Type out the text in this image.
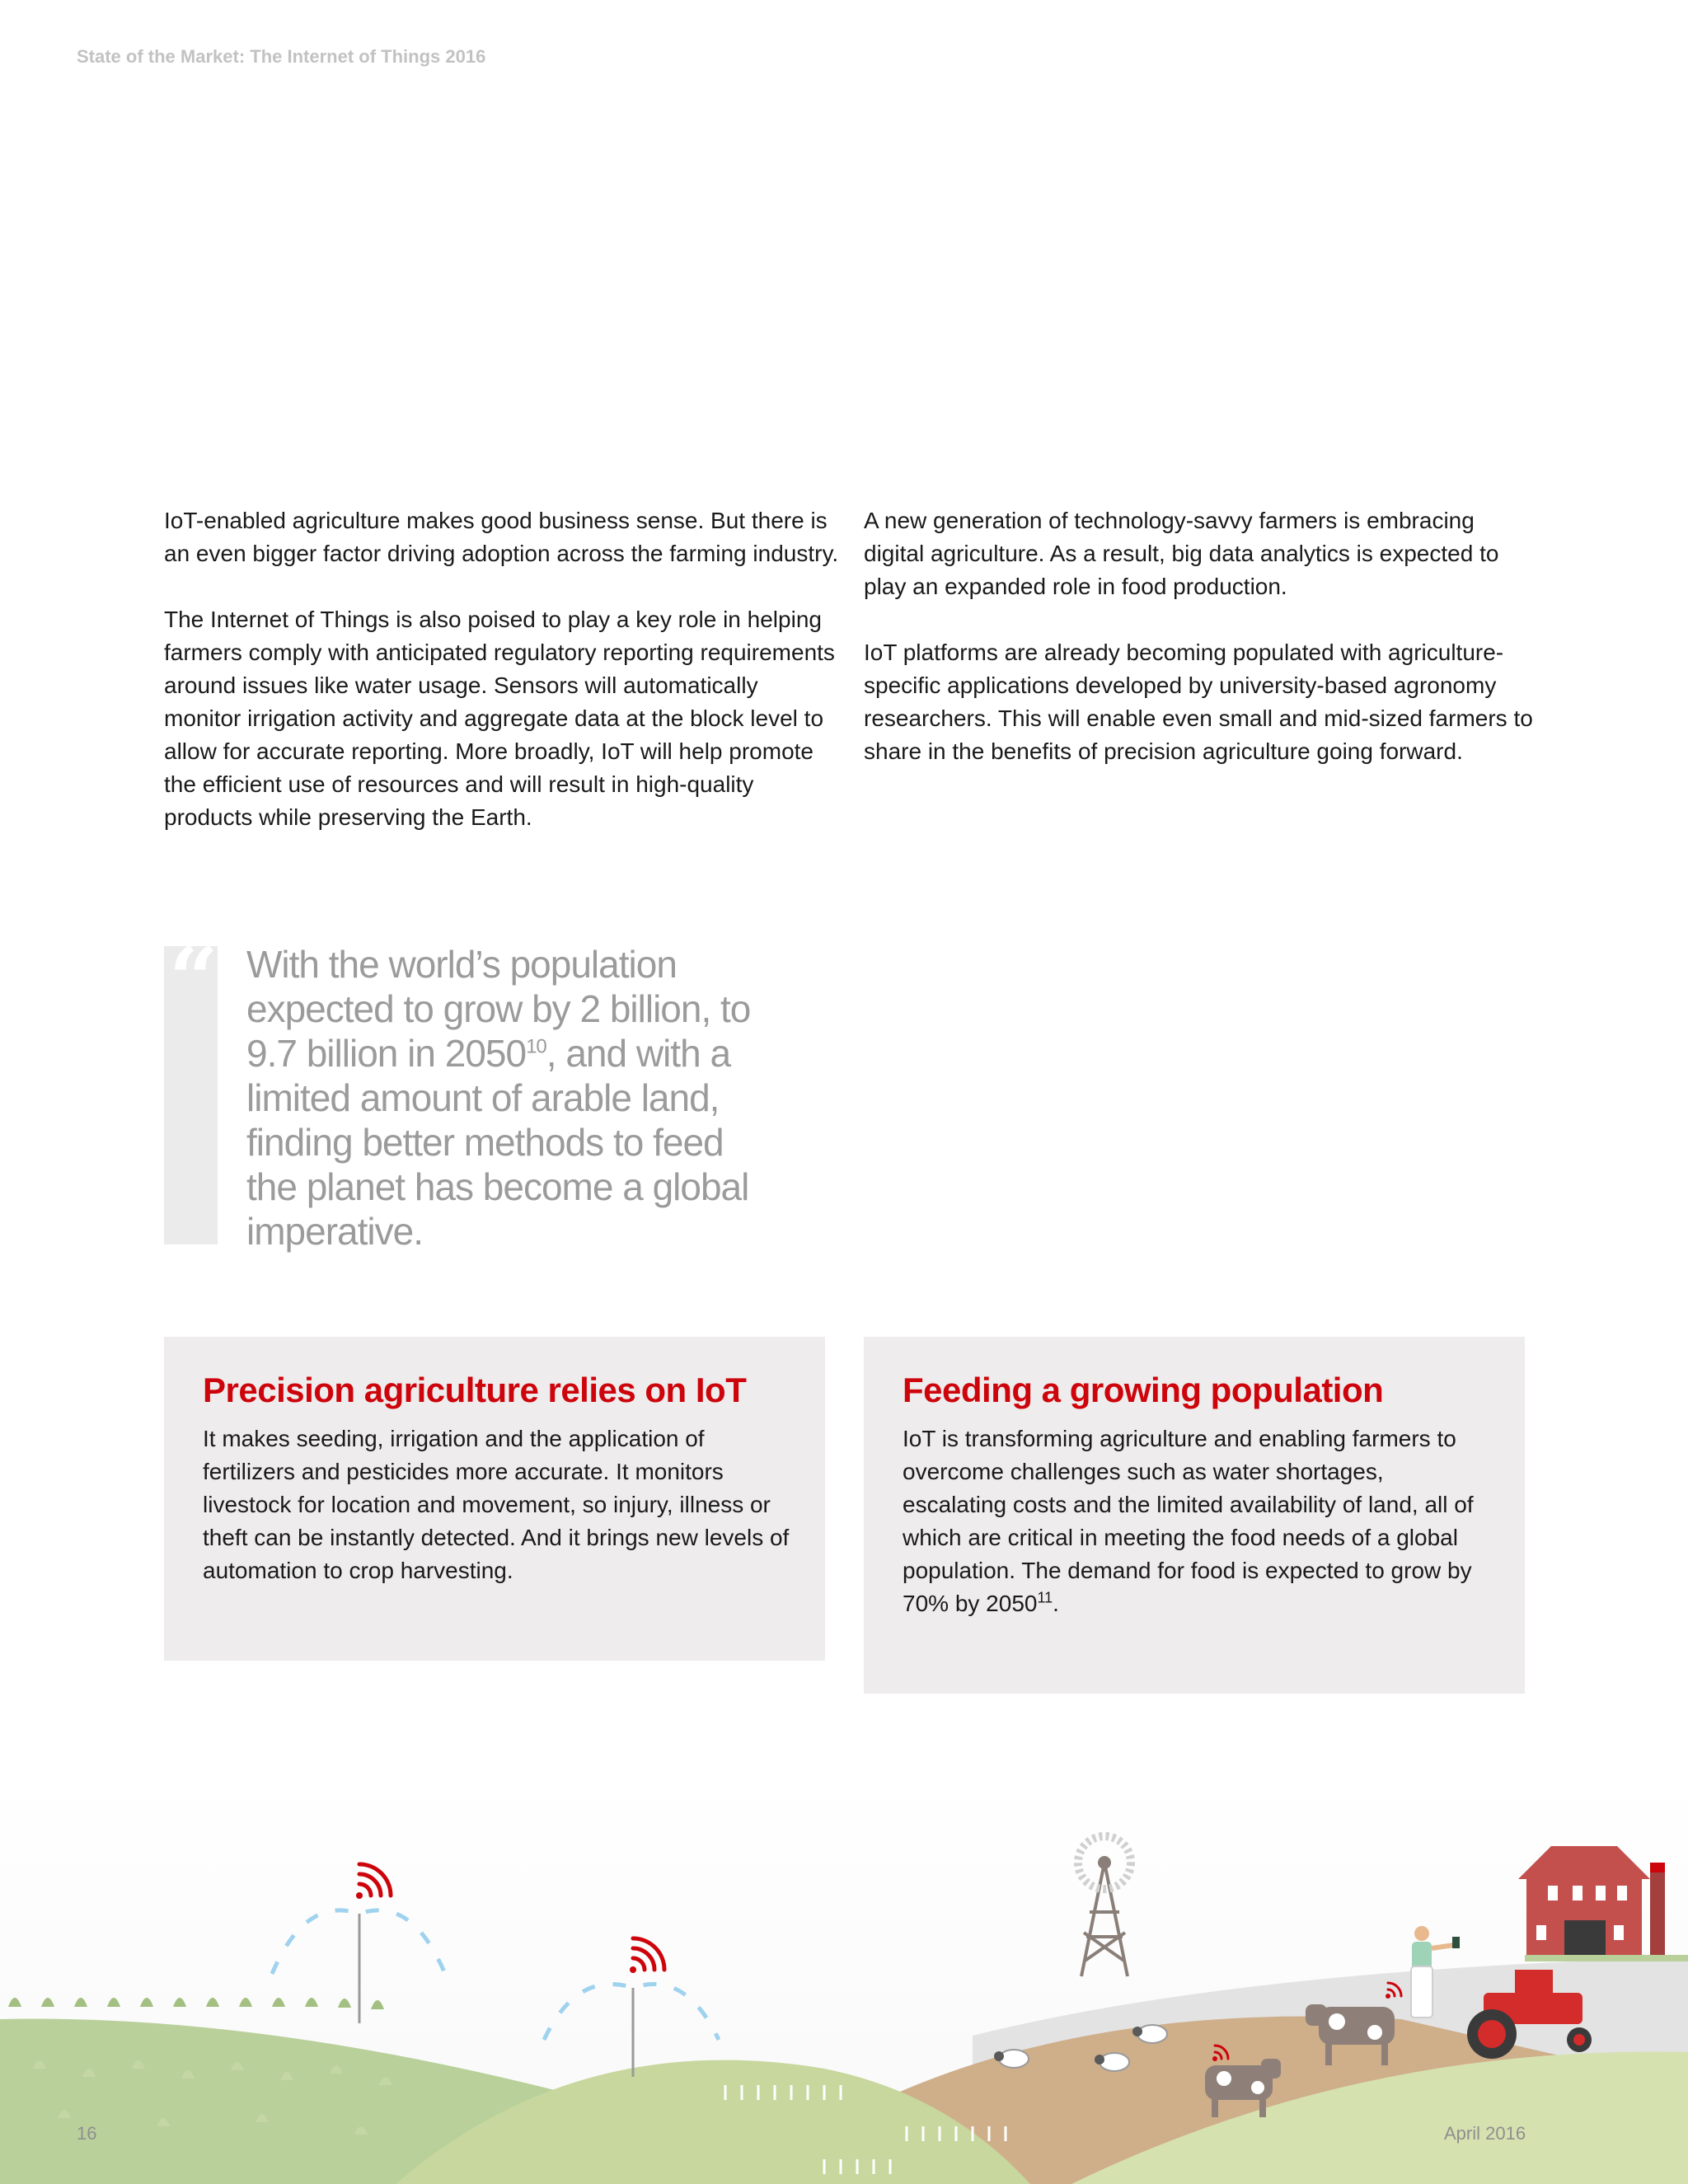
State of the Market: The Internet of Things 2016

IoT-enabled agriculture makes good business sense. But there is an even bigger factor driving adoption across the farming industry.

The Internet of Things is also poised to play a key role in helping farmers comply with anticipated regulatory reporting requirements around issues like water usage. Sensors will automatically monitor irrigation activity and aggregate data at the block level to allow for accurate reporting. More broadly, IoT will help promote the efficient use of resources and will result in high-quality products while preserving the Earth.

A new generation of technology-savvy farmers is embracing digital agriculture. As a result, big data analytics is expected to play an expanded role in food production.

IoT platforms are already becoming populated with agriculture-specific applications developed by university-based agronomy researchers. This will enable even small and mid-sized farmers to share in the benefits of precision agriculture going forward.

“ With the world’s population expected to grow by 2 billion, to 9.7 billion in 2050$^{10}$, and with a limited amount of arable land, finding better methods to feed the planet has become a global imperative.
Precision agriculture relies on IoT

It makes seeding, irrigation and the application of fertilizers and pesticides more accurate. It monitors livestock for location and movement, so injury, illness or theft can be instantly detected. And it brings new levels of automation to crop harvesting.

Feeding a growing population

IoT is transforming agriculture and enabling farmers to overcome challenges such as water shortages, escalating costs and the limited availability of land, all of which are critical in meeting the food needs of a global population. The demand for food is expected to grow by 70% by 2050$^{11}$.

16	April 2016
